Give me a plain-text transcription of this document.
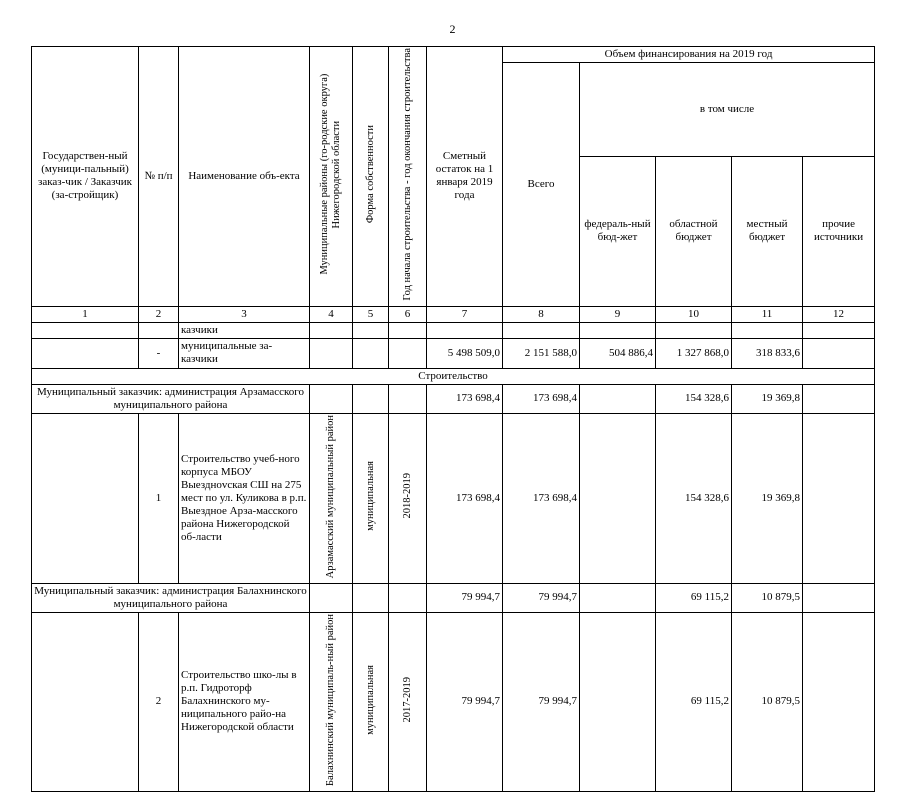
2
Государствен-ный (муници-пальный) заказ-чик / Заказчик (за-стройщик)	№ п/п	Наименование объ-екта	Муниципальные районы (го-родские округа) Нижегородской области	Форма собственности	Год начала строительства - год окончания строительства	Сметный остаток на 1 января 2019 года	Объем финансирования на 2019 год				
							Всего	в том числе			
								федераль-ный бюд-жет	областной бюджет	местный бюджет	прочие источники
1	2	3	4	5	6	7	8	9	10	11	12
		казчики									
	-	муниципальные за-казчики				5 498 509,0	2 151 588,0	504 886,4	1 327 868,0	318 833,6	
Строительство											
Муниципальный заказчик: администрация Арзамасского муниципального района						173 698,4	173 698,4		154 328,6	19 369,8	
	1	Строительство учеб-ного корпуса МБОУ Выезднovская СШ на 275 мест по ул. Куликова в р.п. Выездное Арза-масского района Нижегородской об-ласти	Арзамасский муниципальный район	муниципальная	2018-2019	173 698,4	173 698,4		154 328,6	19 369,8	
Муниципальный заказчик: администрация Балахнинского муниципального района						79 994,7	79 994,7		69 115,2	10 879,5	
	2	Строительство шко-лы в р.п. Гидроторф Балахнинского му-ниципального райо-на Нижегородской области	Балахнинский муниципаль-ный район	муниципальная	2017-2019	79 994,7	79 994,7		69 115,2	10 879,5	
